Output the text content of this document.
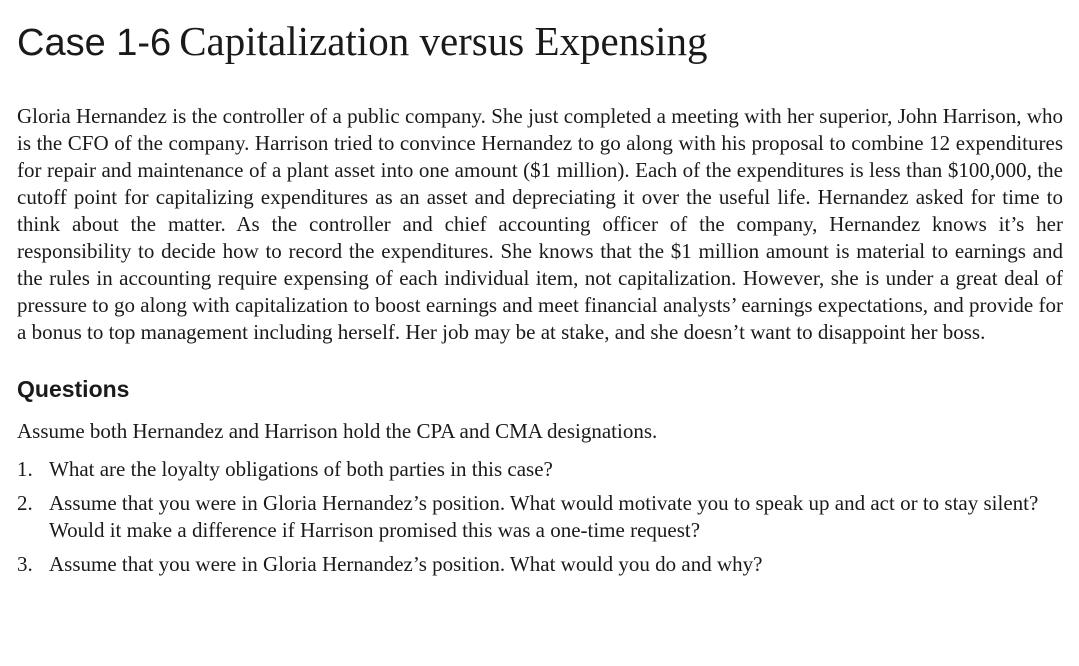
Case 1-6 Capitalization versus Expensing

Gloria Hernandez is the controller of a public company. She just completed a meeting with her superior, John Harrison, who is the CFO of the company. Harrison tried to convince Hernandez to go along with his proposal to combine 12 expenditures for repair and maintenance of a plant asset into one amount ($1 million). Each of the expenditures is less than $100,000, the cutoff point for capitalizing expenditures as an asset and depreciating it over the useful life. Hernandez asked for time to think about the matter. As the controller and chief accounting officer of the company, Hernandez knows it’s her responsibility to decide how to record the expenditures. She knows that the $1 million amount is material to earnings and the rules in accounting require expensing of each individual item, not capitalization. However, she is under a great deal of pressure to go along with capitalization to boost earnings and meet financial analysts’ earnings expectations, and provide for a bonus to top management including herself. Her job may be at stake, and she doesn’t want to disappoint her boss.

Questions

Assume both Hernandez and Harrison hold the CPA and CMA designations.

1. What are the loyalty obligations of both parties in this case?
2. Assume that you were in Gloria Hernandez’s position. What would motivate you to speak up and act or to stay silent? Would it make a difference if Harrison promised this was a one-time request?
3. Assume that you were in Gloria Hernandez’s position. What would you do and why?
